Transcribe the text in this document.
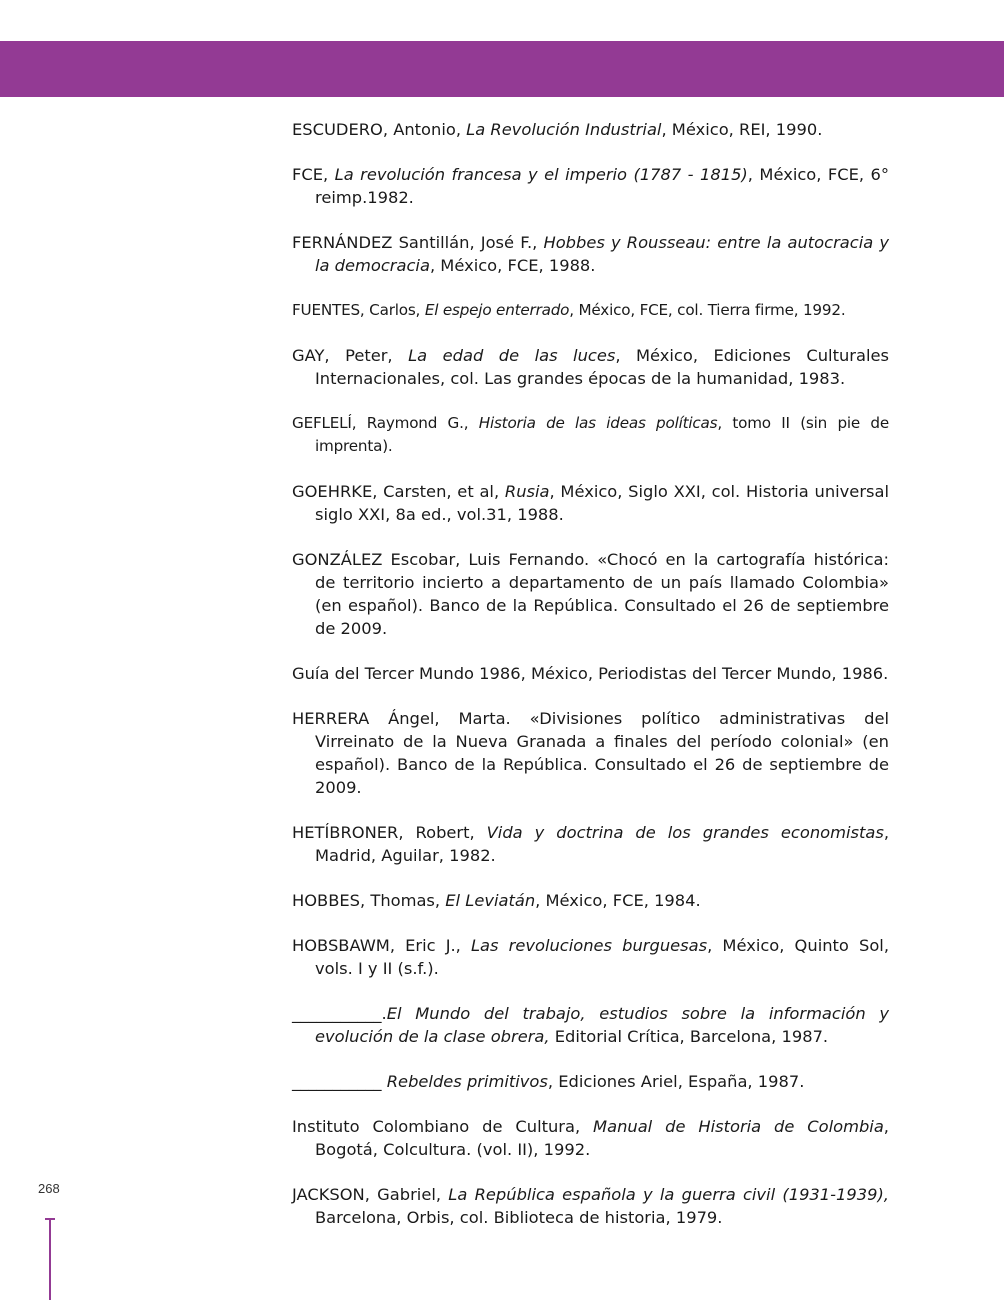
ESCUDERO, Antonio, La Revolución Industrial, México, REI, 1990.

FCE, La revolución francesa y el imperio (1787 - 1815), México, FCE, 6° reimp.1982.

FERNÁNDEZ Santillán, José F., Hobbes y Rousseau: entre la autocracia y la democracia, México, FCE, 1988.

FUENTES, Carlos, El espejo enterrado, México, FCE, col. Tierra firme, 1992.

GAY, Peter, La edad de las luces, México, Ediciones Culturales Internacionales, col. Las grandes épocas de la humanidad, 1983.

GEFLELÍ, Raymond G., Historia de las ideas políticas, tomo II (sin pie de imprenta).

GOEHRKE, Carsten, et al, Rusia, México, Siglo XXI, col. Historia universal siglo XXI, 8a ed., vol.31, 1988.

GONZÁLEZ Escobar, Luis Fernando. «Chocó en la cartografía histórica: de territorio incierto a departamento de un país llamado Colombia» (en español). Banco de la República. Consultado el 26 de septiembre de 2009.

Guía del Tercer Mundo 1986, México, Periodistas del Tercer Mundo, 1986.

HERRERA Ángel, Marta. «Divisiones político administrativas del Virreinato de la Nueva Granada a finales del período colonial» (en español). Banco de la República. Consultado el 26 de septiembre de 2009.

HETÍBRONER, Robert, Vida y doctrina de los grandes economistas, Madrid, Aguilar, 1982.

HOBBES, Thomas, El Leviatán, México, FCE, 1984.

HOBSBAWM, Eric J., Las revoluciones burguesas, México, Quinto Sol, vols. I y II (s.f.).

___________.El Mundo del trabajo, estudios sobre la información y evolución de la clase obrera, Editorial Crítica, Barcelona, 1987.

___________ Rebeldes primitivos, Ediciones Ariel, España, 1987.

Instituto Colombiano de Cultura, Manual de Historia de Colombia, Bogotá, Colcultura. (vol. II), 1992.

JACKSON, Gabriel, La República española y la guerra civil (1931-1939), Barcelona, Orbis, col. Biblioteca de historia, 1979.

268
